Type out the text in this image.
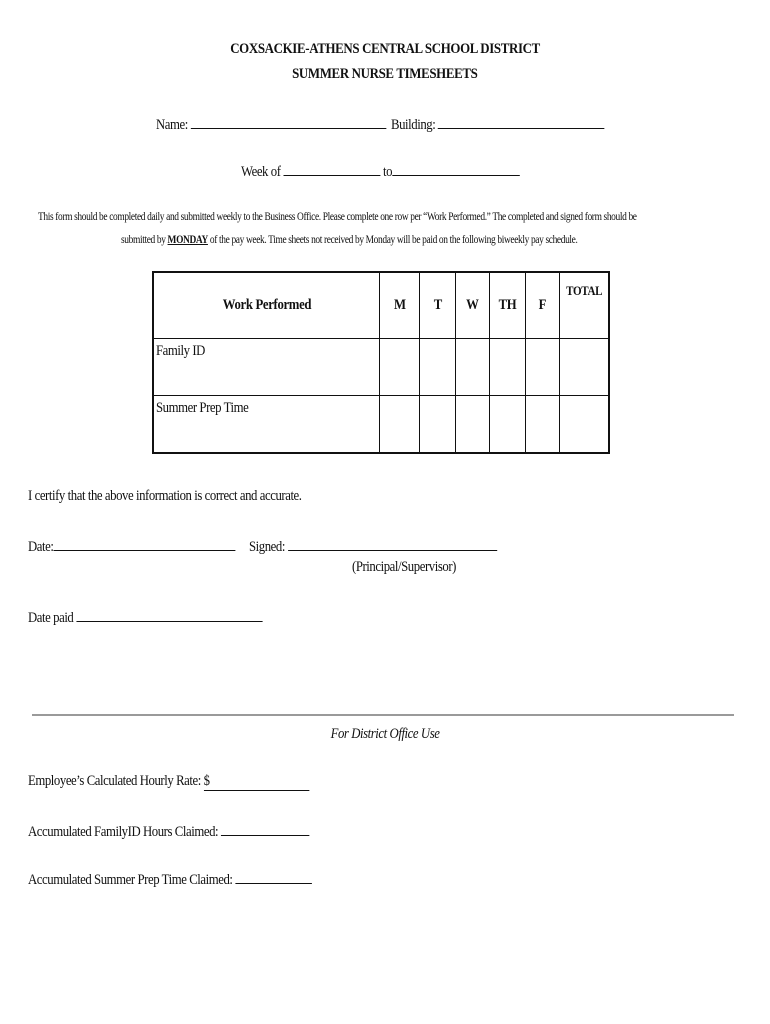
COXSACKIE-ATHENS CENTRAL SCHOOL DISTRICT
SUMMER NURSE TIMESHEETS
Name:	Building:
Week of	to
This form should be completed daily and submitted weekly to the Business Office. Please complete one row per “Work Performed.” The completed and signed form should be
submitted by MONDAY of the pay week. Time sheets not received by Monday will be paid on the following biweekly pay schedule.
Work Performed	M	T	W	TH	F	TOTAL
Family ID						
Summer Prep Time						
I certify that the above information is correct and accurate.
Date:	Signed:
(Principal/Supervisor)
Date paid
For District Office Use
Employee’s Calculated Hourly Rate: $
Accumulated FamilyID Hours Claimed:
Accumulated Summer Prep Time Claimed:
